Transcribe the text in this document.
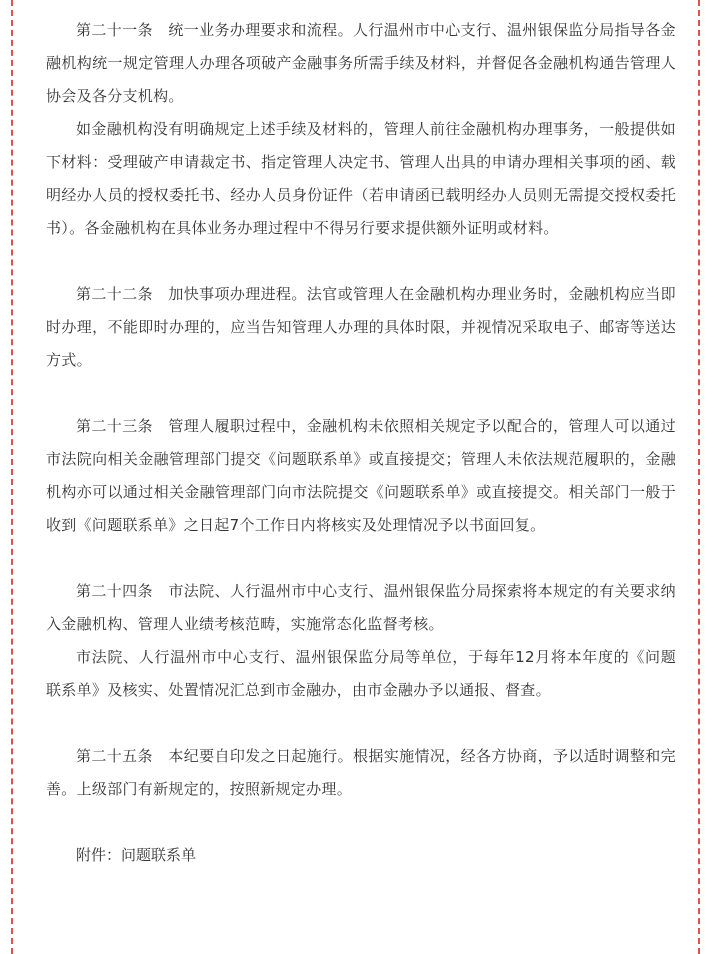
第二十一条　统一业务办理要求和流程。人行温州市中心支行、温州银保监分局指导各金融机构统一规定管理人办理各项破产金融事务所需手续及材料，并督促各金融机构通告管理人协会及各分支机构。

如金融机构没有明确规定上述手续及材料的，管理人前往金融机构办理事务，一般提供如下材料：受理破产申请裁定书、指定管理人决定书、管理人出具的申请办理相关事项的函、载明经办人员的授权委托书、经办人员身份证件（若申请函已载明经办人员则无需提交授权委托书）。各金融机构在具体业务办理过程中不得另行要求提供额外证明或材料。

第二十二条　加快事项办理进程。法官或管理人在金融机构办理业务时，金融机构应当即时办理，不能即时办理的，应当告知管理人办理的具体时限，并视情况采取电子、邮寄等送达方式。

第二十三条　管理人履职过程中，金融机构未依照相关规定予以配合的，管理人可以通过市法院向相关金融管理部门提交《问题联系单》或直接提交；管理人未依法规范履职的，金融机构亦可以通过相关金融管理部门向市法院提交《问题联系单》或直接提交。相关部门一般于收到《问题联系单》之日起7个工作日内将核实及处理情况予以书面回复。

第二十四条　市法院、人行温州市中心支行、温州银保监分局探索将本规定的有关要求纳入金融机构、管理人业绩考核范畴，实施常态化监督考核。

市法院、人行温州市中心支行、温州银保监分局等单位，于每年12月将本年度的《问题联系单》及核实、处置情况汇总到市金融办，由市金融办予以通报、督查。

第二十五条　本纪要自印发之日起施行。根据实施情况，经各方协商，予以适时调整和完善。上级部门有新规定的，按照新规定办理。

附件：问题联系单
